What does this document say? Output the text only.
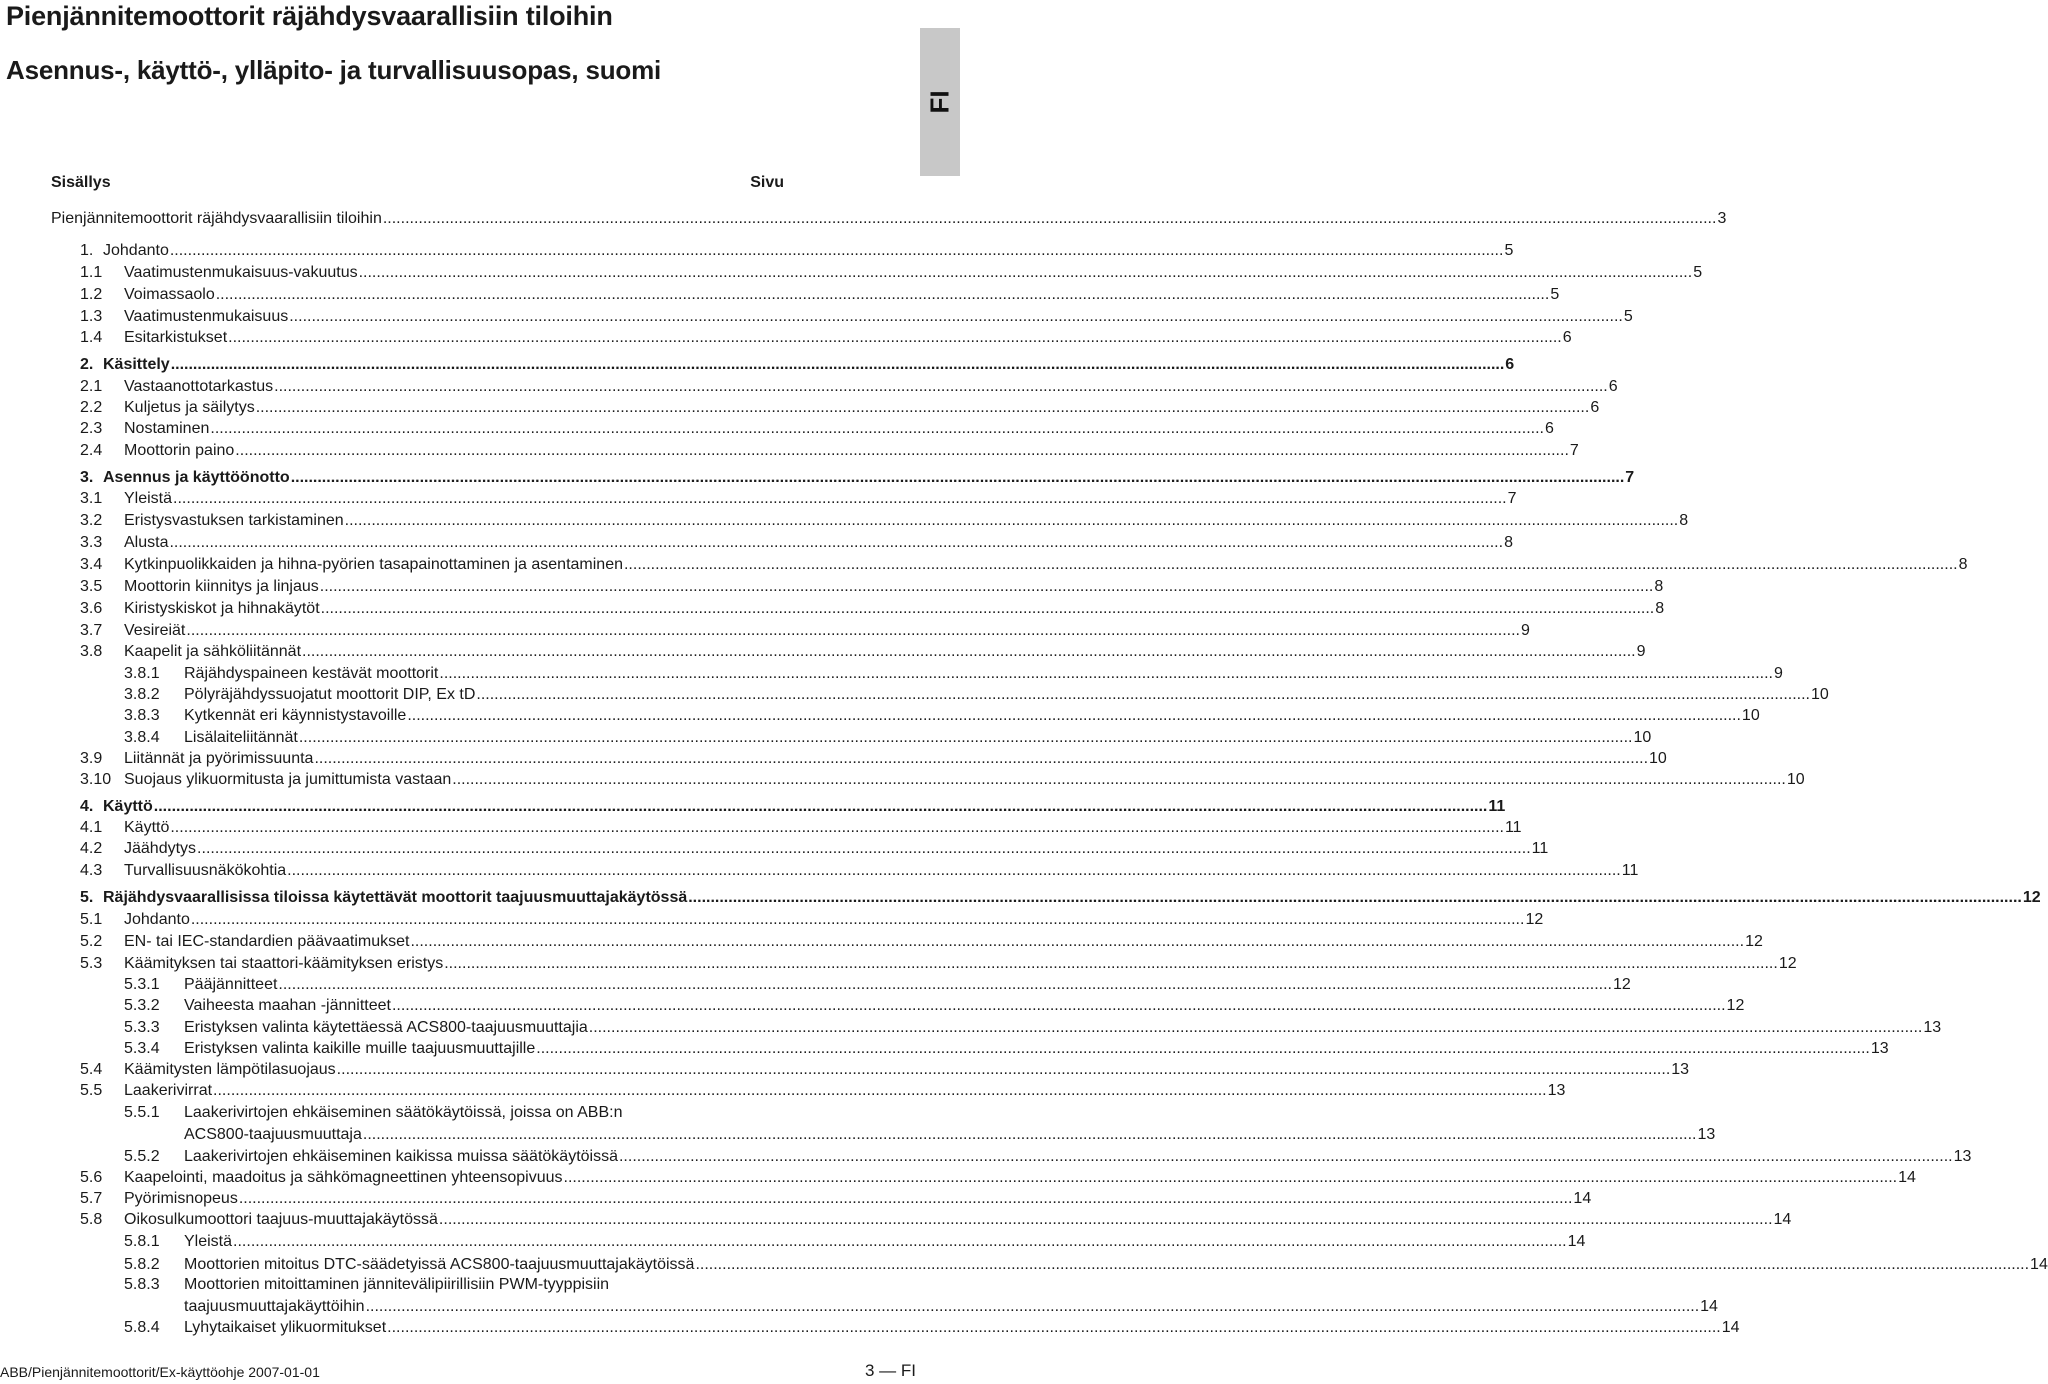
Pienjännitemoottorit räjähdysvaarallisiin tiloihin
Asennus-, käyttö-, ylläpito- ja turvallisuusopas, suomi
FI
Sisällys	Sivu
Pienjännitemoottorit räjähdysvaarallisiin tiloihin ............................................................................................................................................................................................................................................................................................................ 3
1. Johdanto ............................................................................................................................................................................................................................................................................................................ 5
1.1 Vaatimustenmukaisuus-vakuutus ............................................................................................................................................................................................................................................................................................................ 5
1.2 Voimassaolo ............................................................................................................................................................................................................................................................................................................ 5
1.3 Vaatimustenmukaisuus ............................................................................................................................................................................................................................................................................................................ 5
1.4 Esitarkistukset ............................................................................................................................................................................................................................................................................................................ 6
2. Käsittely ............................................................................................................................................................................................................................................................................................................ 6
2.1 Vastaanottotarkastus ............................................................................................................................................................................................................................................................................................................ 6
2.2 Kuljetus ja säilytys ............................................................................................................................................................................................................................................................................................................ 6
2.3 Nostaminen ............................................................................................................................................................................................................................................................................................................ 6
2.4 Moottorin paino ............................................................................................................................................................................................................................................................................................................ 7
3. Asennus ja käyttöönotto ............................................................................................................................................................................................................................................................................................................ 7
3.1 Yleistä ............................................................................................................................................................................................................................................................................................................ 7
3.2 Eristysvastuksen tarkistaminen ............................................................................................................................................................................................................................................................................................................ 8
3.3 Alusta ............................................................................................................................................................................................................................................................................................................ 8
3.4 Kytkinpuolikkaiden ja hihna-pyörien tasapainottaminen ja asentaminen ............................................................................................................................................................................................................................................................................................................ 8
3.5 Moottorin kiinnitys ja linjaus ............................................................................................................................................................................................................................................................................................................ 8
3.6 Kiristyskiskot ja hihnakäytöt ............................................................................................................................................................................................................................................................................................................ 8
3.7 Vesireiät ............................................................................................................................................................................................................................................................................................................ 9
3.8 Kaapelit ja sähköliitännät ............................................................................................................................................................................................................................................................................................................ 9
3.8.1 Räjähdyspaineen kestävät moottorit ............................................................................................................................................................................................................................................................................................................ 9
3.8.2 Pölyräjähdyssuojatut moottorit DIP, Ex tD ............................................................................................................................................................................................................................................................................................................ 10
3.8.3 Kytkennät eri käynnistystavoille ............................................................................................................................................................................................................................................................................................................ 10
3.8.4 Lisälaiteliitännät ............................................................................................................................................................................................................................................................................................................ 10
3.9 Liitännät ja pyörimissuunta ............................................................................................................................................................................................................................................................................................................ 10
3.10 Suojaus ylikuormitusta ja jumittumista vastaan ............................................................................................................................................................................................................................................................................................................ 10
4. Käyttö ............................................................................................................................................................................................................................................................................................................ 11
4.1 Käyttö ............................................................................................................................................................................................................................................................................................................ 11
4.2 Jäähdytys ............................................................................................................................................................................................................................................................................................................ 11
4.3 Turvallisuusnäkökohtia ............................................................................................................................................................................................................................................................................................................ 11
5. Räjähdysvaarallisissa tiloissa käytettävät moottorit taajuusmuuttajakäytössä ............................................................................................................................................................................................................................................................................................................ 12
5.1 Johdanto ............................................................................................................................................................................................................................................................................................................ 12
5.2 EN- tai IEC-standardien päävaatimukset ............................................................................................................................................................................................................................................................................................................ 12
5.3 Käämityksen tai staattori-käämityksen eristys ............................................................................................................................................................................................................................................................................................................ 12
5.3.1 Pääjännitteet ............................................................................................................................................................................................................................................................................................................ 12
5.3.2 Vaiheesta maahan -jännitteet ............................................................................................................................................................................................................................................................................................................ 12
5.3.3 Eristyksen valinta käytettäessä ACS800-taajuusmuuttajia ............................................................................................................................................................................................................................................................................................................ 13
5.3.4 Eristyksen valinta kaikille muille taajuusmuuttajille ............................................................................................................................................................................................................................................................................................................ 13
5.4 Käämitysten lämpötilasuojaus ............................................................................................................................................................................................................................................................................................................ 13
5.5 Laakerivirrat ............................................................................................................................................................................................................................................................................................................ 13
5.5.1 Laakerivirtojen ehkäiseminen säätökäytöissä, joissa on ABB:n
ACS800-taajuusmuuttaja ............................................................................................................................................................................................................................................................................................................ 13
5.5.2 Laakerivirtojen ehkäiseminen kaikissa muissa säätökäytöissä ............................................................................................................................................................................................................................................................................................................ 13
5.6 Kaapelointi, maadoitus ja sähkömagneettinen yhteensopivuus ............................................................................................................................................................................................................................................................................................................ 14
5.7 Pyörimisnopeus ............................................................................................................................................................................................................................................................................................................ 14
5.8 Oikosulkumoottori taajuus-muuttajakäytössä ............................................................................................................................................................................................................................................................................................................ 14
5.8.1 Yleistä ............................................................................................................................................................................................................................................................................................................ 14
5.8.2 Moottorien mitoitus DTC-säädetyissä ACS800-taajuusmuuttajakäytöissä ............................................................................................................................................................................................................................................................................................................ 14
5.8.3 Moottorien mitoittaminen jännitevälipiirillisiin PWM-tyyppisiin
taajuusmuuttajakäyttöihin ............................................................................................................................................................................................................................................................................................................ 14
5.8.4 Lyhytaikaiset ylikuormitukset ............................................................................................................................................................................................................................................................................................................ 14
ABB/Pienjännitemoottorit/Ex-käyttöohje 2007-01-01	3 — FI
